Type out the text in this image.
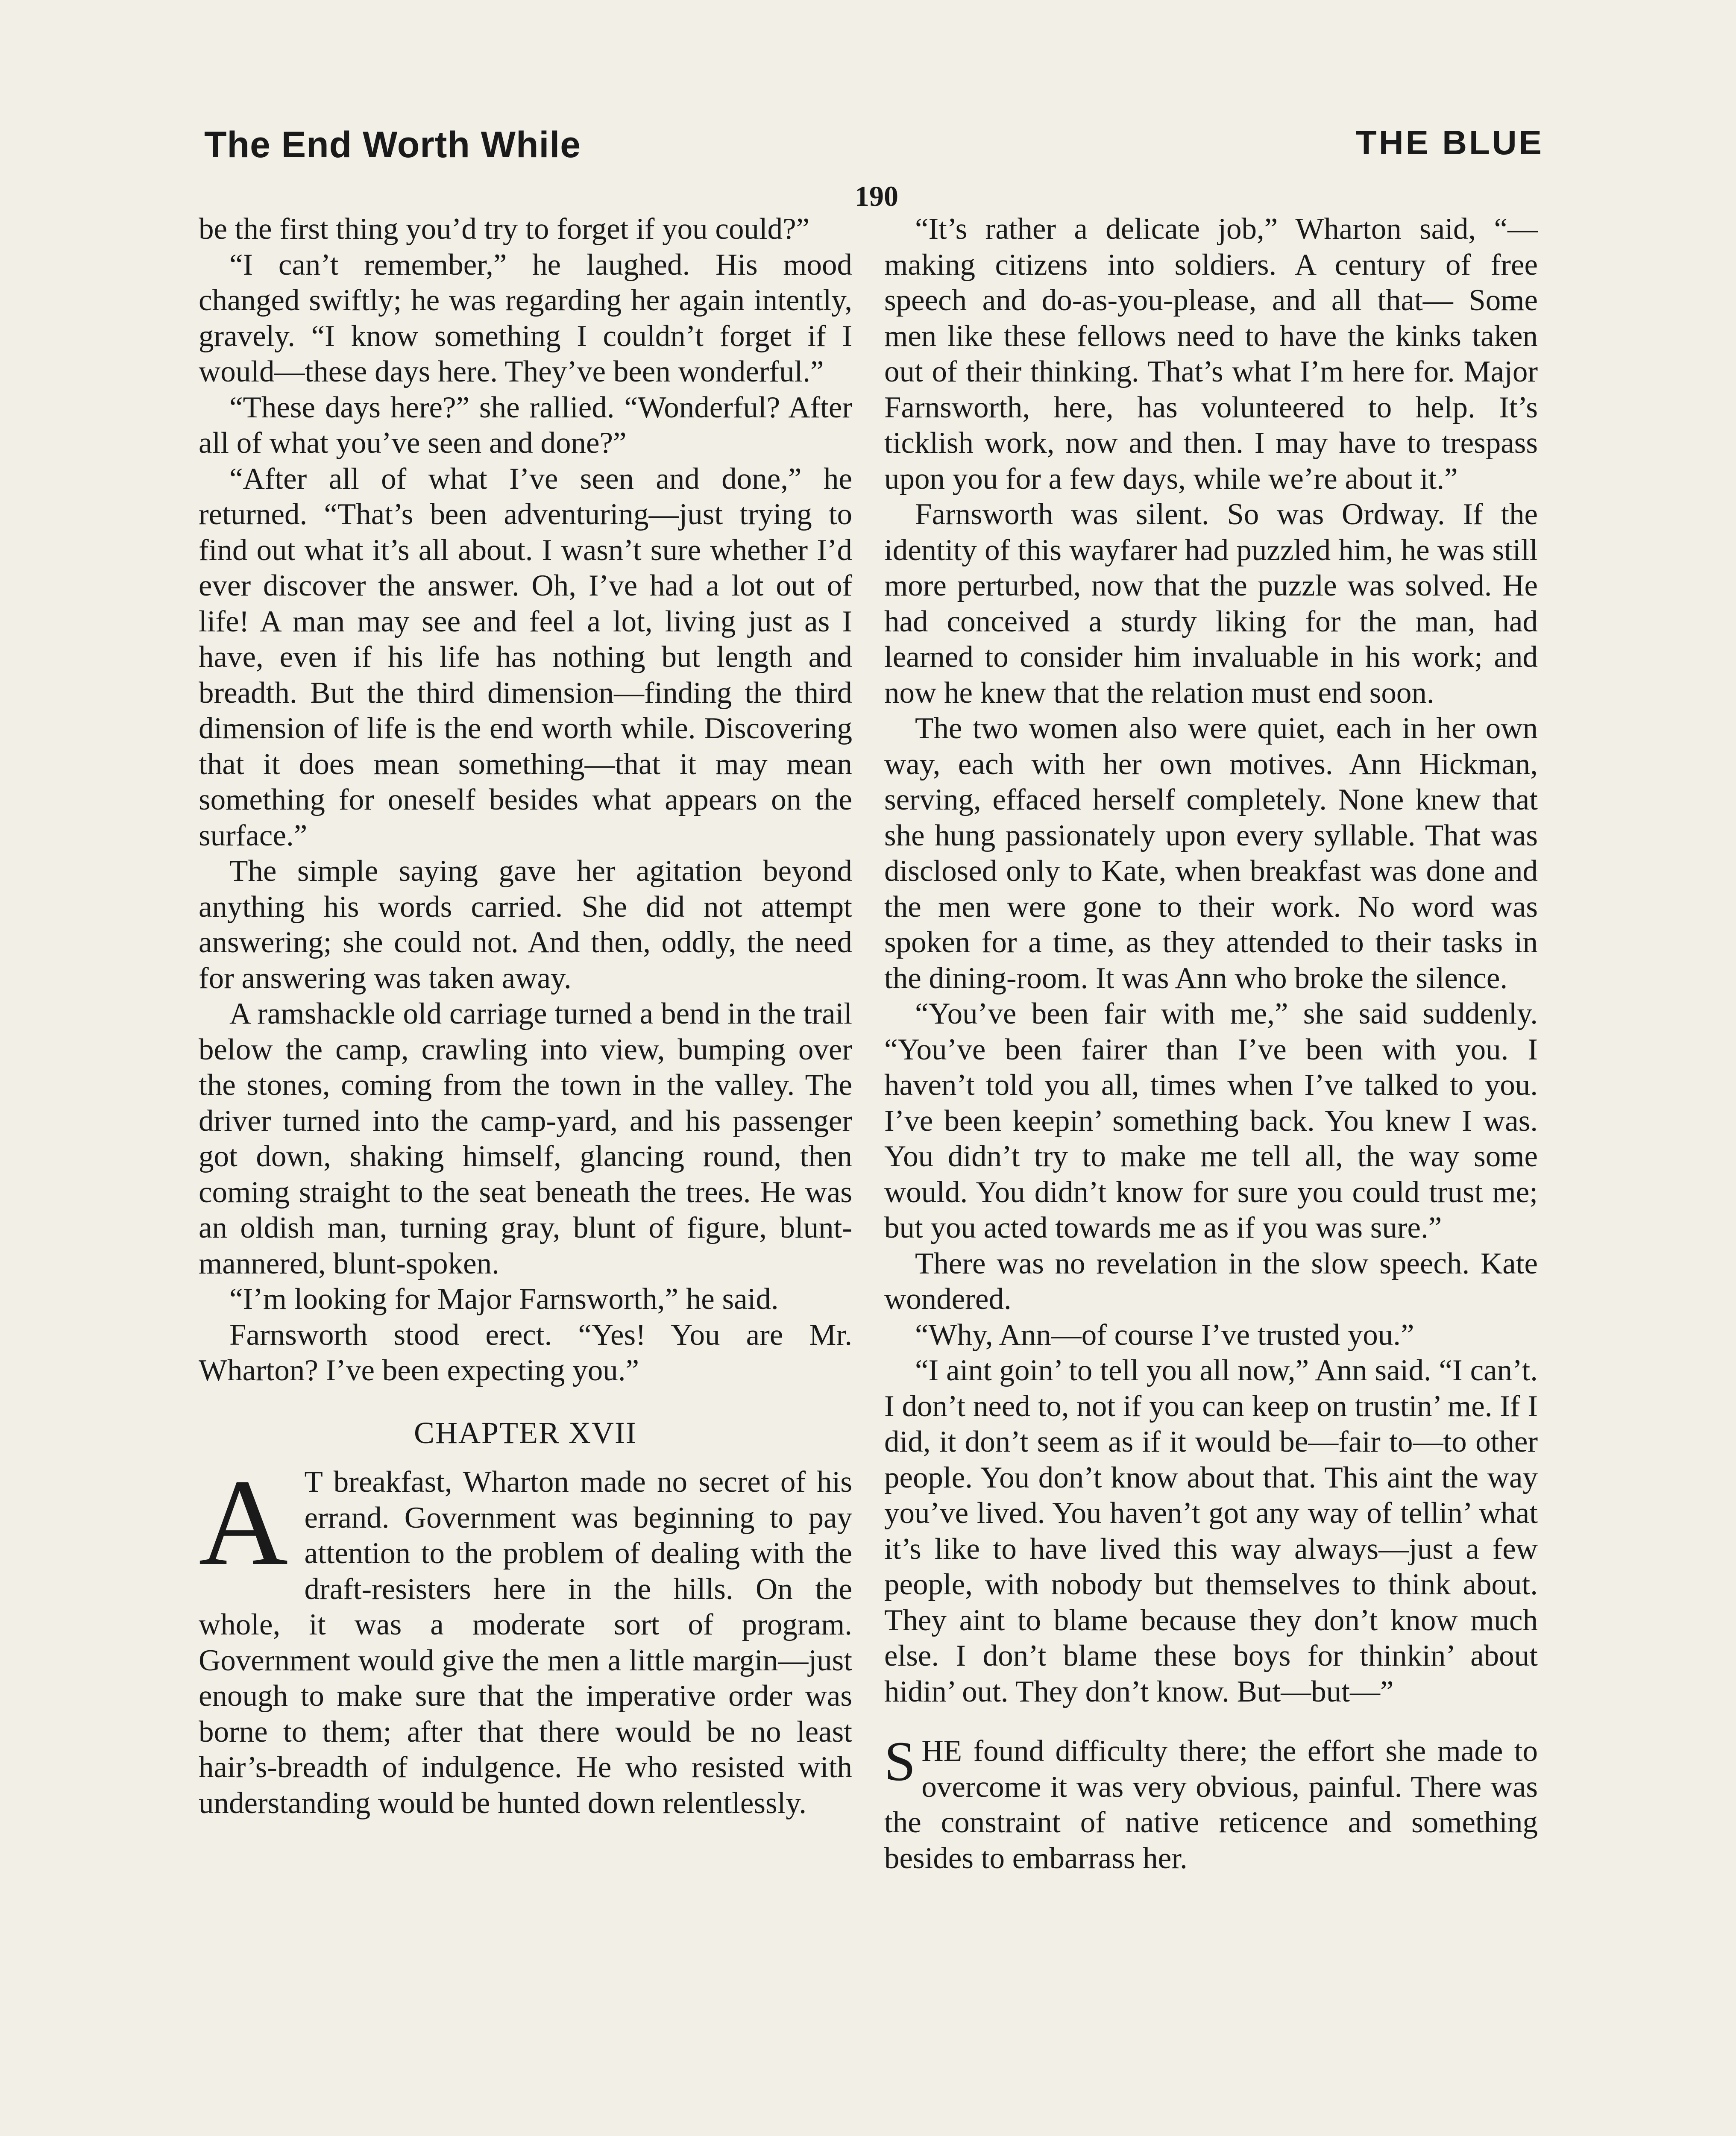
The End Worth While	THE BLUE
190

be the first thing you’d try to forget if you could?”

“I can’t remember,” he laughed. His mood changed swiftly; he was regarding her again intently, gravely. “I know something I couldn’t forget if I would—these days here. They’ve been wonderful.”

“These days here?” she rallied. “Wonderful? After all of what you’ve seen and done?”

“After all of what I’ve seen and done,” he returned. “That’s been adventuring—just trying to find out what it’s all about. I wasn’t sure whether I’d ever discover the answer. Oh, I’ve had a lot out of life! A man may see and feel a lot, living just as I have, even if his life has nothing but length and breadth. But the third dimension—finding the third dimension of life is the end worth while. Discovering that it does mean something—that it may mean something for oneself besides what appears on the surface.”

The simple saying gave her agitation beyond anything his words carried. She did not attempt answering; she could not. And then, oddly, the need for answering was taken away.

A ramshackle old carriage turned a bend in the trail below the camp, crawling into view, bumping over the stones, coming from the town in the valley. The driver turned into the camp-yard, and his passenger got down, shaking himself, glancing round, then coming straight to the seat beneath the trees. He was an oldish man, turning gray, blunt of figure, blunt-mannered, blunt-spoken.

“I’m looking for Major Farnsworth,” he said.

Farnsworth stood erect. “Yes! You are Mr. Wharton? I’ve been expecting you.”

CHAPTER XVII

A T breakfast, Wharton made no secret of his errand. Government was beginning to pay attention to the problem of dealing with the draft-resisters here in the hills. On the whole, it was a moderate sort of program. Government would give the men a little margin—just enough to make sure that the imperative order was borne to them; after that there would be no least hair’s-breadth of indulgence. He who resisted with understanding would be hunted down relentlessly.

“It’s rather a delicate job,” Wharton said, “—making citizens into soldiers. A century of free speech and do-as-you-please, and all that— Some men like these fellows need to have the kinks taken out of their thinking. That’s what I’m here for. Major Farnsworth, here, has volunteered to help. It’s ticklish work, now and then. I may have to trespass upon you for a few days, while we’re about it.”

Farnsworth was silent. So was Ordway. If the identity of this wayfarer had puzzled him, he was still more perturbed, now that the puzzle was solved. He had conceived a sturdy liking for the man, had learned to consider him invaluable in his work; and now he knew that the relation must end soon.

The two women also were quiet, each in her own way, each with her own motives. Ann Hickman, serving, effaced herself completely. None knew that she hung passionately upon every syllable. That was disclosed only to Kate, when breakfast was done and the men were gone to their work. No word was spoken for a time, as they attended to their tasks in the dining-room. It was Ann who broke the silence.

“You’ve been fair with me,” she said suddenly. “You’ve been fairer than I’ve been with you. I haven’t told you all, times when I’ve talked to you. I’ve been keepin’ something back. You knew I was. You didn’t try to make me tell all, the way some would. You didn’t know for sure you could trust me; but you acted towards me as if you was sure.”

There was no revelation in the slow speech. Kate wondered.

“Why, Ann—of course I’ve trusted you.”

“I aint goin’ to tell you all now,” Ann said. “I can’t. I don’t need to, not if you can keep on trustin’ me. If I did, it don’t seem as if it would be—fair to—to other people. You don’t know about that. This aint the way you’ve lived. You haven’t got any way of tellin’ what it’s like to have lived this way always—just a few people, with nobody but themselves to think about. They aint to blame because they don’t know much else. I don’t blame these boys for thinkin’ about hidin’ out. They don’t know. But—but—”

SHE found difficulty there; the effort she made to overcome it was very obvious, painful. There was the constraint of native reticence and something besides to embarrass her.
